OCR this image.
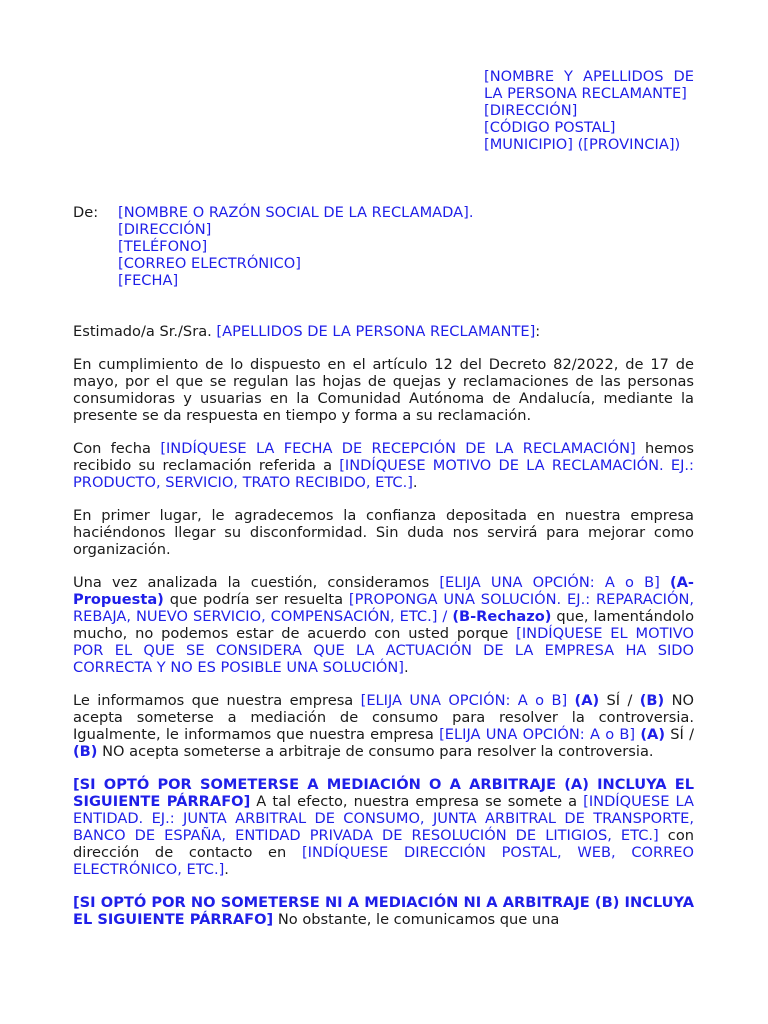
[NOMBRE Y APELLIDOS DE LA PERSONA RECLAMANTE]
[DIRECCIÓN]
[CÓDIGO POSTAL]
[MUNICIPIO] ([PROVINCIA])
De: [NOMBRE O RAZÓN SOCIAL DE LA RECLAMADA].
[DIRECCIÓN]
[TELÉFONO]
[CORREO ELECTRÓNICO]
[FECHA]

Estimado/a Sr./Sra. [APELLIDOS DE LA PERSONA RECLAMANTE]:

En cumplimiento de lo dispuesto en el artículo 12 del Decreto 82/2022, de 17 de mayo, por el que se regulan las hojas de quejas y reclamaciones de las personas consumidoras y usuarias en la Comunidad Autónoma de Andalucía, mediante la presente se da respuesta en tiempo y forma a su reclamación.

Con fecha [INDÍQUESE LA FECHA DE RECEPCIÓN DE LA RECLAMACIÓN] hemos recibido su reclamación referida a [INDÍQUESE MOTIVO DE LA RECLAMACIÓN. EJ.: PRODUCTO, SERVICIO, TRATO RECIBIDO, ETC.].

En primer lugar, le agradecemos la confianza depositada en nuestra empresa haciéndonos llegar su disconformidad. Sin duda nos servirá para mejorar como organización.

Una vez analizada la cuestión, consideramos [ELIJA UNA OPCIÓN: A o B] (A-Propuesta) que podría ser resuelta [PROPONGA UNA SOLUCIÓN. EJ.: REPARACIÓN, REBAJA, NUEVO SERVICIO, COMPENSACIÓN, ETC.] / (B-Rechazo) que, lamentándolo mucho, no podemos estar de acuerdo con usted porque [INDÍQUESE EL MOTIVO POR EL QUE SE CONSIDERA QUE LA ACTUACIÓN DE LA EMPRESA HA SIDO CORRECTA Y NO ES POSIBLE UNA SOLUCIÓN].

Le informamos que nuestra empresa [ELIJA UNA OPCIÓN: A o B] (A) SÍ / (B) NO acepta someterse a mediación de consumo para resolver la controversia. Igualmente, le informamos que nuestra empresa [ELIJA UNA OPCIÓN: A o B] (A) SÍ / (B) NO acepta someterse a arbitraje de consumo para resolver la controversia.

[SI OPTÓ POR SOMETERSE A MEDIACIÓN O A ARBITRAJE (A) INCLUYA EL SIGUIENTE PÁRRAFO] A tal efecto, nuestra empresa se somete a [INDÍQUESE LA ENTIDAD. EJ.: JUNTA ARBITRAL DE CONSUMO, JUNTA ARBITRAL DE TRANSPORTE, BANCO DE ESPAÑA, ENTIDAD PRIVADA DE RESOLUCIÓN DE LITIGIOS, ETC.] con dirección de contacto en [INDÍQUESE DIRECCIÓN POSTAL, WEB, CORREO ELECTRÓNICO, ETC.].

[SI OPTÓ POR NO SOMETERSE NI A MEDIACIÓN NI A ARBITRAJE (B) INCLUYA EL SIGUIENTE PÁRRAFO] No obstante, le comunicamos que una
